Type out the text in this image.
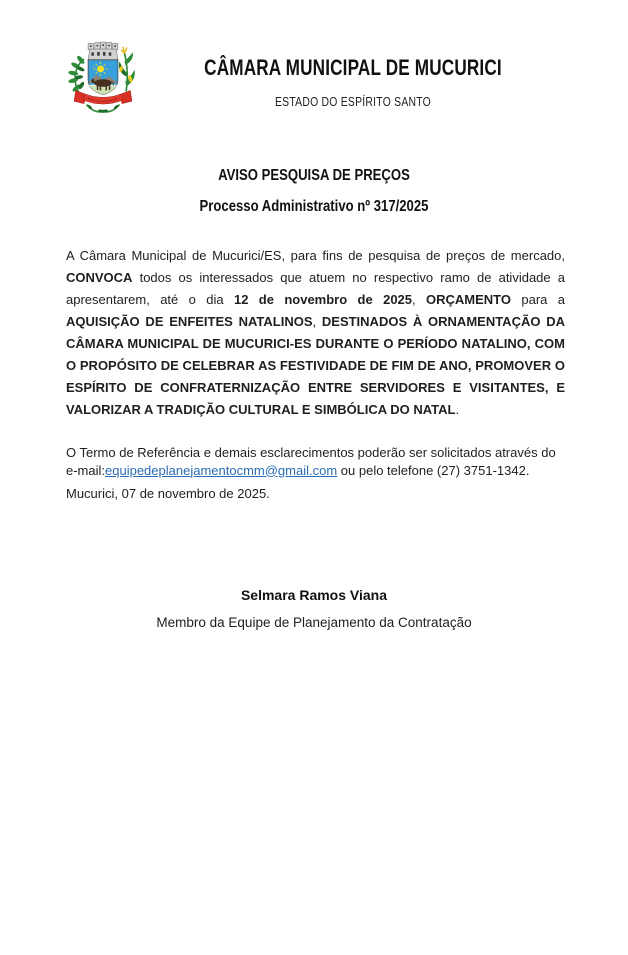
CÂMARA MUNICIPAL DE MUCURICI
ESTADO DO ESPÍRITO SANTO
AVISO PESQUISA DE PREÇOS
Processo Administrativo nº 317/2025

A Câmara Municipal de Mucurici/ES, para fins de pesquisa de preços de mercado, CONVOCA todos os interessados que atuem no respectivo ramo de atividade a apresentarem, até o dia 12 de novembro de 2025, ORÇAMENTO para a AQUISIÇÃO DE ENFEITES NATALINOS, DESTINADOS À ORNAMENTAÇÃO DA CÂMARA MUNICIPAL DE MUCURICI-ES DURANTE O PERÍODO NATALINO, COM O PROPÓSITO DE CELEBRAR AS FESTIVIDADE DE FIM DE ANO, PROMOVER O ESPÍRITO DE CONFRATERNIZAÇÃO ENTRE SERVIDORES E VISITANTES, E VALORIZAR A TRADIÇÃO CULTURAL E SIMBÓLICA DO NATAL.

O Termo de Referência e demais esclarecimentos poderão ser solicitados através do e-mail:equipedeplanejamentocmm@gmail.com ou pelo telefone (27) 3751-1342.

Mucurici, 07 de novembro de 2025.
Selmara Ramos Viana
Membro da Equipe de Planejamento da Contratação
